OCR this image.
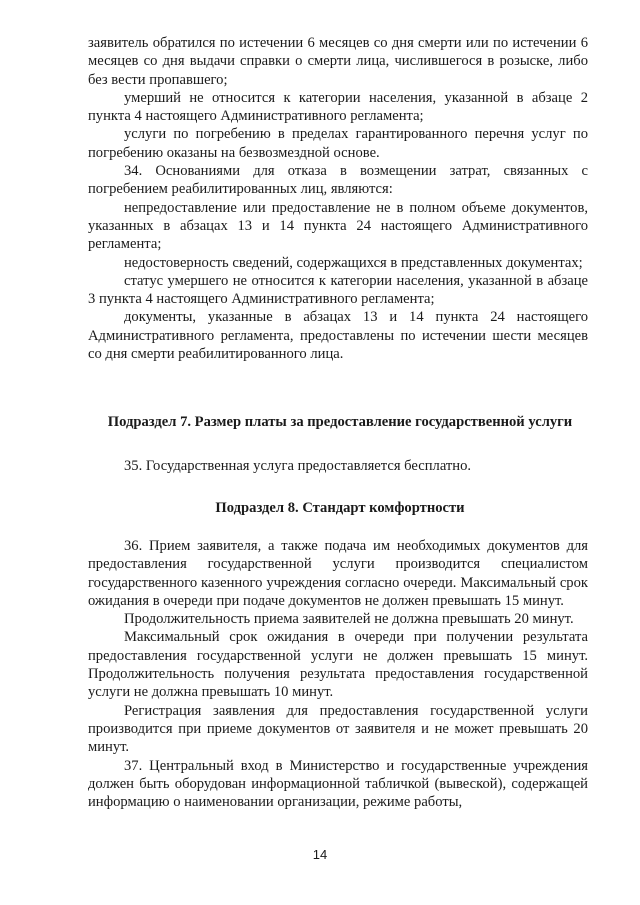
заявитель обратился по истечении 6 месяцев со дня смерти или по истечении 6 месяцев со дня выдачи справки о смерти лица, числившегося в розыске, либо без вести пропавшего;

умерший не относится к категории населения, указанной в абзаце 2 пункта 4 настоящего Административного регламента;

услуги по погребению в пределах гарантированного перечня услуг по погребению оказаны на безвозмездной основе.

34. Основаниями для отказа в возмещении затрат, связанных с погребением реабилитированных лиц, являются:

непредоставление или предоставление не в полном объеме документов, указанных в абзацах 13 и 14 пункта 24 настоящего Административного регламента;

недостоверность сведений, содержащихся в представленных документах;

статус умершего не относится к категории населения, указанной в абзаце 3 пункта 4 настоящего Административного регламента;

документы, указанные в абзацах 13 и 14 пункта 24 настоящего Административного регламента, предоставлены по истечении шести месяцев со дня смерти реабилитированного лица.

Подраздел 7. Размер платы за предоставление государственной услуги

35. Государственная услуга предоставляется бесплатно.

Подраздел 8. Стандарт комфортности

36. Прием заявителя, а также подача им необходимых документов для предоставления государственной услуги производится специалистом государственного казенного учреждения согласно очереди. Максимальный срок ожидания в очереди при подаче документов не должен превышать 15 минут.

Продолжительность приема заявителей не должна превышать 20 минут.

Максимальный срок ожидания в очереди при получении результата предоставления государственной услуги не должен превышать 15 минут. Продолжительность получения результата предоставления государственной услуги не должна превышать 10 минут.

Регистрация заявления для предоставления государственной услуги производится при приеме документов от заявителя и не может превышать 20 минут.

37. Центральный вход в Министерство и государственные учреждения должен быть оборудован информационной табличкой (вывеской), содержащей информацию о наименовании организации, режиме работы,

14
